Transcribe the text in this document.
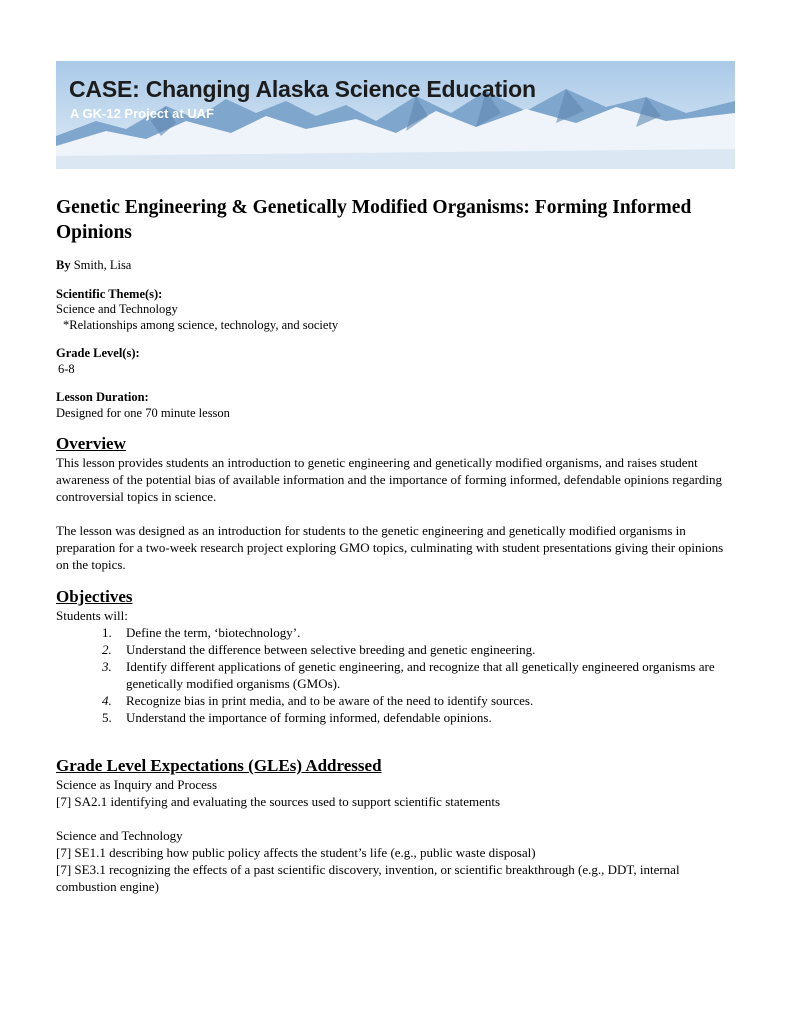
CASE: Changing Alaska Science Education
A GK-12 Project at UAF
Genetic Engineering & Genetically Modified Organisms: Forming Informed Opinions

By Smith, Lisa

Scientific Theme(s):

Science and Technology

*Relationships among science, technology, and society

Grade Level(s):

6-8

Lesson Duration:

Designed for one 70 minute lesson

Overview

This lesson provides students an introduction to genetic engineering and genetically modified organisms, and raises student awareness of the potential bias of available information and the importance of forming informed, defendable opinions regarding controversial topics in science.

The lesson was designed as an introduction for students to the genetic engineering and genetically modified organisms in preparation for a two-week research project exploring GMO topics, culminating with student presentations giving their opinions on the topics.

Objectives

Students will:

1.	Define the term, ‘biotechnology’.
2.	Understand the difference between selective breeding and genetic engineering.
3.	Identify different applications of genetic engineering, and recognize that all genetically engineered organisms are genetically modified organisms (GMOs).
4.	Recognize bias in print media, and to be aware of the need to identify sources.
5.	Understand the importance of forming informed, defendable opinions.
Grade Level Expectations (GLEs) Addressed

Science as Inquiry and Process

[7] SA2.1 identifying and evaluating the sources used to support scientific statements

Science and Technology

[7] SE1.1 describing how public policy affects the student’s life (e.g., public waste disposal)

[7] SE3.1 recognizing the effects of a past scientific discovery, invention, or scientific breakthrough (e.g., DDT, internal combustion engine)
